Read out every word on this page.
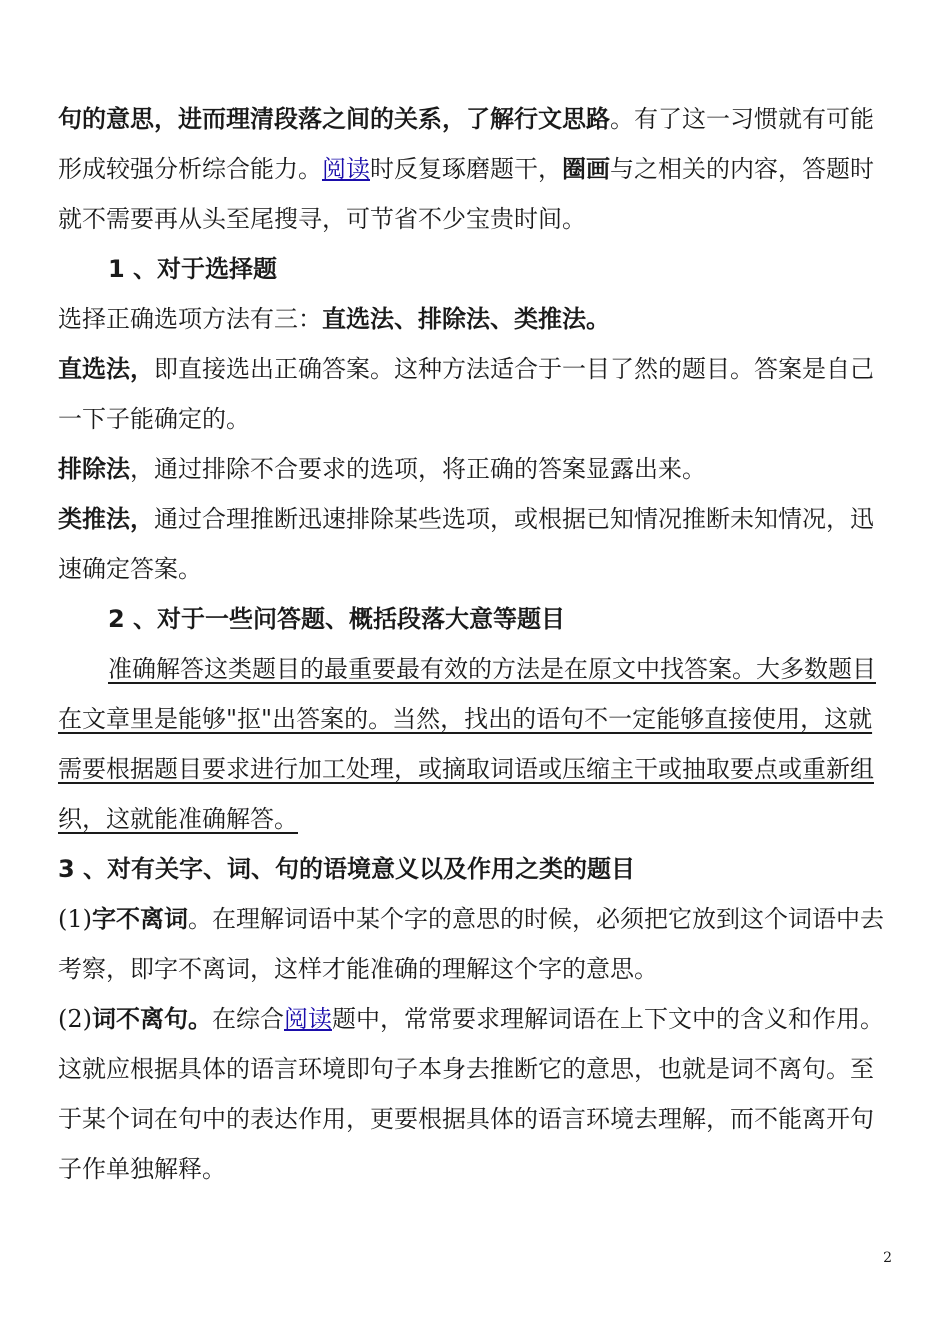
句的意思，进而理清段落之间的关系，了解行文思路。有了这一习惯就有可能形成较强分析综合能力。阅读时反复琢磨题干，圈画与之相关的内容，答题时就不需要再从头至尾搜寻，可节省不少宝贵时间。

1 、对于选择题

选择正确选项方法有三：直选法、排除法、类推法。

直选法，即直接选出正确答案。这种方法适合于一目了然的题目。答案是自己一下子能确定的。

排除法，通过排除不合要求的选项，将正确的答案显露出来。

类推法，通过合理推断迅速排除某些选项，或根据已知情况推断未知情况，迅速确定答案。

2 、对于一些问答题、概括段落大意等题目

准确解答这类题目的最重要最有效的方法是在原文中找答案。大多数题目在文章里是能够"抠"出答案的。当然，找出的语句不一定能够直接使用，这就需要根据题目要求进行加工处理，或摘取词语或压缩主干或抽取要点或重新组织，这就能准确解答。

3 、对有关字、词、句的语境意义以及作用之类的题目

(1)字不离词。在理解词语中某个字的意思的时候，必须把它放到这个词语中去考察，即字不离词，这样才能准确的理解这个字的意思。

(2)词不离句。在综合阅读题中，常常要求理解词语在上下文中的含义和作用。这就应根据具体的语言环境即句子本身去推断它的意思，也就是词不离句。至于某个词在句中的表达作用，更要根据具体的语言环境去理解，而不能离开句子作单独解释。

2
